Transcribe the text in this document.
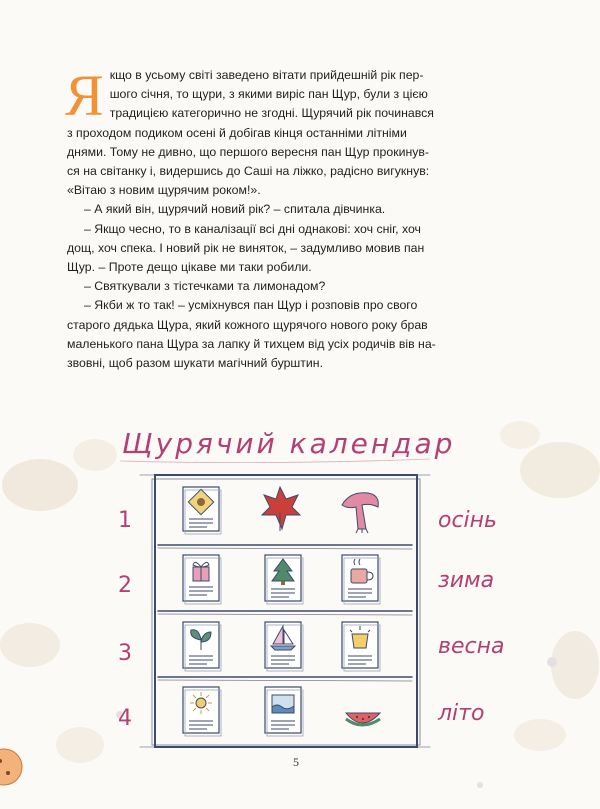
Я кщо в усьому світі заведено вітати прийдешній рік пер-
шого січня, то щури, з якими виріс пан Щур, були з цією
традицією категорично не згодні. Щурячий рік починався
з проходом подиком осені й добігав кінця останніми літніми
днями. Тому не дивно, що першого вересня пан Щур прокинув-
ся на світанку і, видершись до Саші на ліжко, радісно вигукнув:
«Вітаю з новим щурячим роком!».

– А який він, щурячий новий рік? – спитала дівчинка.

– Якщо чесно, то в каналізації всі дні однакові: хоч сніг, хоч
дощ, хоч спека. І новий рік не виняток, – задумливо мовив пан
Щур. – Проте дещо цікаве ми таки робили.

– Святкували з тістечками та лимонадом?

– Якби ж то так! – усміхнувся пан Щур і розповів про свого
старого дядька Щура, який кожного щурячого нового року брав
маленького пана Щура за лапку й тихцем від усіх родичів вів на-
звовні, щоб разом шукати магічний бурштин.

Щурячий календар
1
2
3
4
осінь
зима
весна
літо
5
